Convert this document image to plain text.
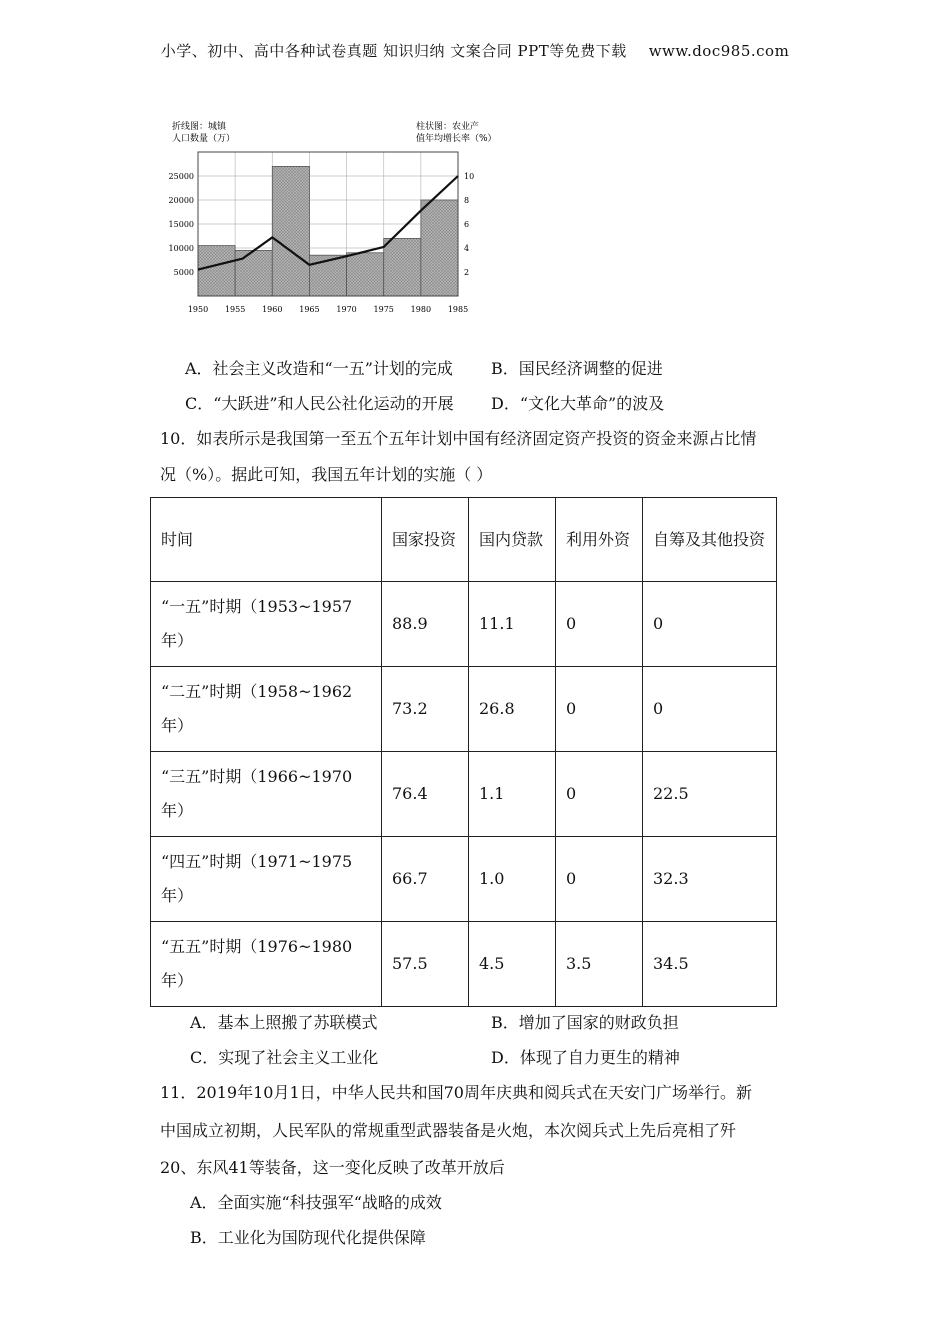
小学、初中、高中各种试卷真题 知识归纳 文案合同 PPT等免费下载 www.doc985.com
折线图：城镇
人口数量（万）
柱状图：农业产
值年均增长率（%）
25000
20000
15000
10000
5000
10
8
6
4
2
1950 1955 1960 1965 1970 1975 1980 1985
A．社会主义改造和“一五”计划的完成 B．国民经济调整的促进
C．“大跃进”和人民公社化运动的开展 D．“文化大革命”的波及
10．如表所示是我国第一至五个五年计划中国有经济固定资产投资的资金来源占比情
况（%）。据此可知，我国五年计划的实施（ ）
时间	国家投资	国内贷款	利用外资	自筹及其他投资
“一五”时期（1953~1957年）	88.9	11.1	0	0
“二五”时期（1958~1962年）	73.2	26.8	0	0
“三五”时期（1966~1970年）	76.4	1.1	0	22.5
“四五”时期（1971~1975年）	66.7	1.0	0	32.3
“五五”时期（1976~1980年）	57.5	4.5	3.5	34.5
A．基本上照搬了苏联模式	B．增加了国家的财政负担
C．实现了社会主义工业化	D．体现了自力更生的精神
11．2019年10月1日，中华人民共和国70周年庆典和阅兵式在天安门广场举行。新
中国成立初期，人民军队的常规重型武器装备是火炮，本次阅兵式上先后亮相了歼
20、东风41等装备，这一变化反映了改革开放后
A．全面实施“科技强军“战略的成效
B．工业化为国防现代化提供保障
